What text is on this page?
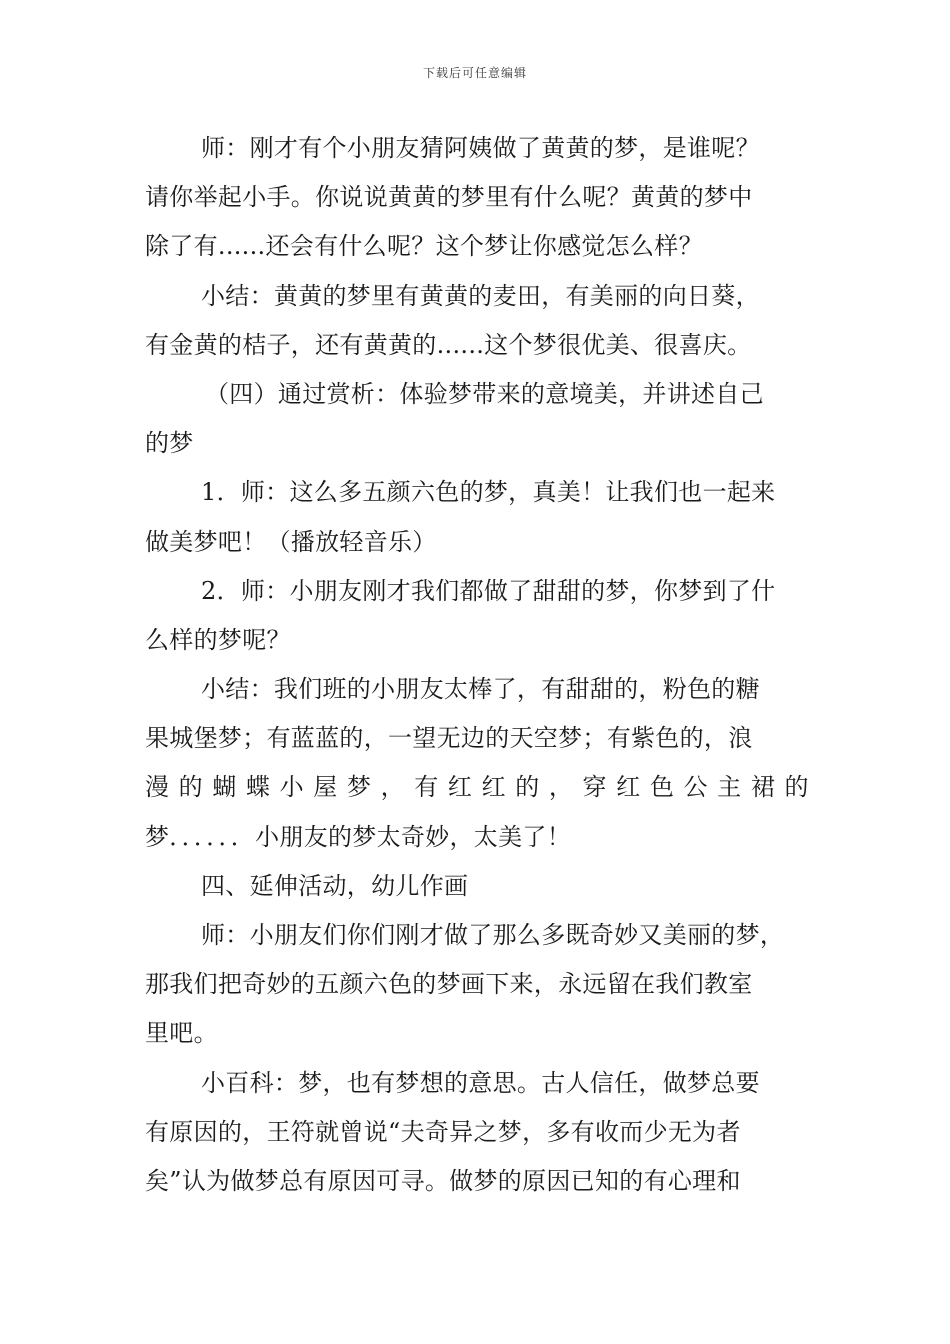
下载后可任意编辑
师：刚才有个小朋友猜阿姨做了黄黄的梦，是谁呢？
请你举起小手。你说说黄黄的梦里有什么呢？黄黄的梦中
除了有......还会有什么呢？这个梦让你感觉怎么样？
小结：黄黄的梦里有黄黄的麦田，有美丽的向日葵，
有金黄的桔子，还有黄黄的......这个梦很优美、很喜庆。
（四）通过赏析：体验梦带来的意境美，并讲述自己
的梦
1．师：这么多五颜六色的梦，真美！让我们也一起来
做美梦吧！（播放轻音乐）
2．师：小朋友刚才我们都做了甜甜的梦，你梦到了什
么样的梦呢？
小结：我们班的小朋友太棒了，有甜甜的，粉色的糖
果城堡梦；有蓝蓝的，一望无边的天空梦；有紫色的，浪
漫 的 蝴 蝶 小 屋 梦 ， 有 红 红 的 ， 穿 红 色 公 主 裙 的
梦．．．．．．小朋友的梦太奇妙，太美了！
四、延伸活动，幼儿作画
师：小朋友们你们刚才做了那么多既奇妙又美丽的梦，
那我们把奇妙的五颜六色的梦画下来，永远留在我们教室
里吧。
小百科：梦，也有梦想的意思。古人信任，做梦总要
有原因的，王符就曾说“夫奇异之梦，多有收而少无为者
矣”认为做梦总有原因可寻。做梦的原因已知的有心理和
